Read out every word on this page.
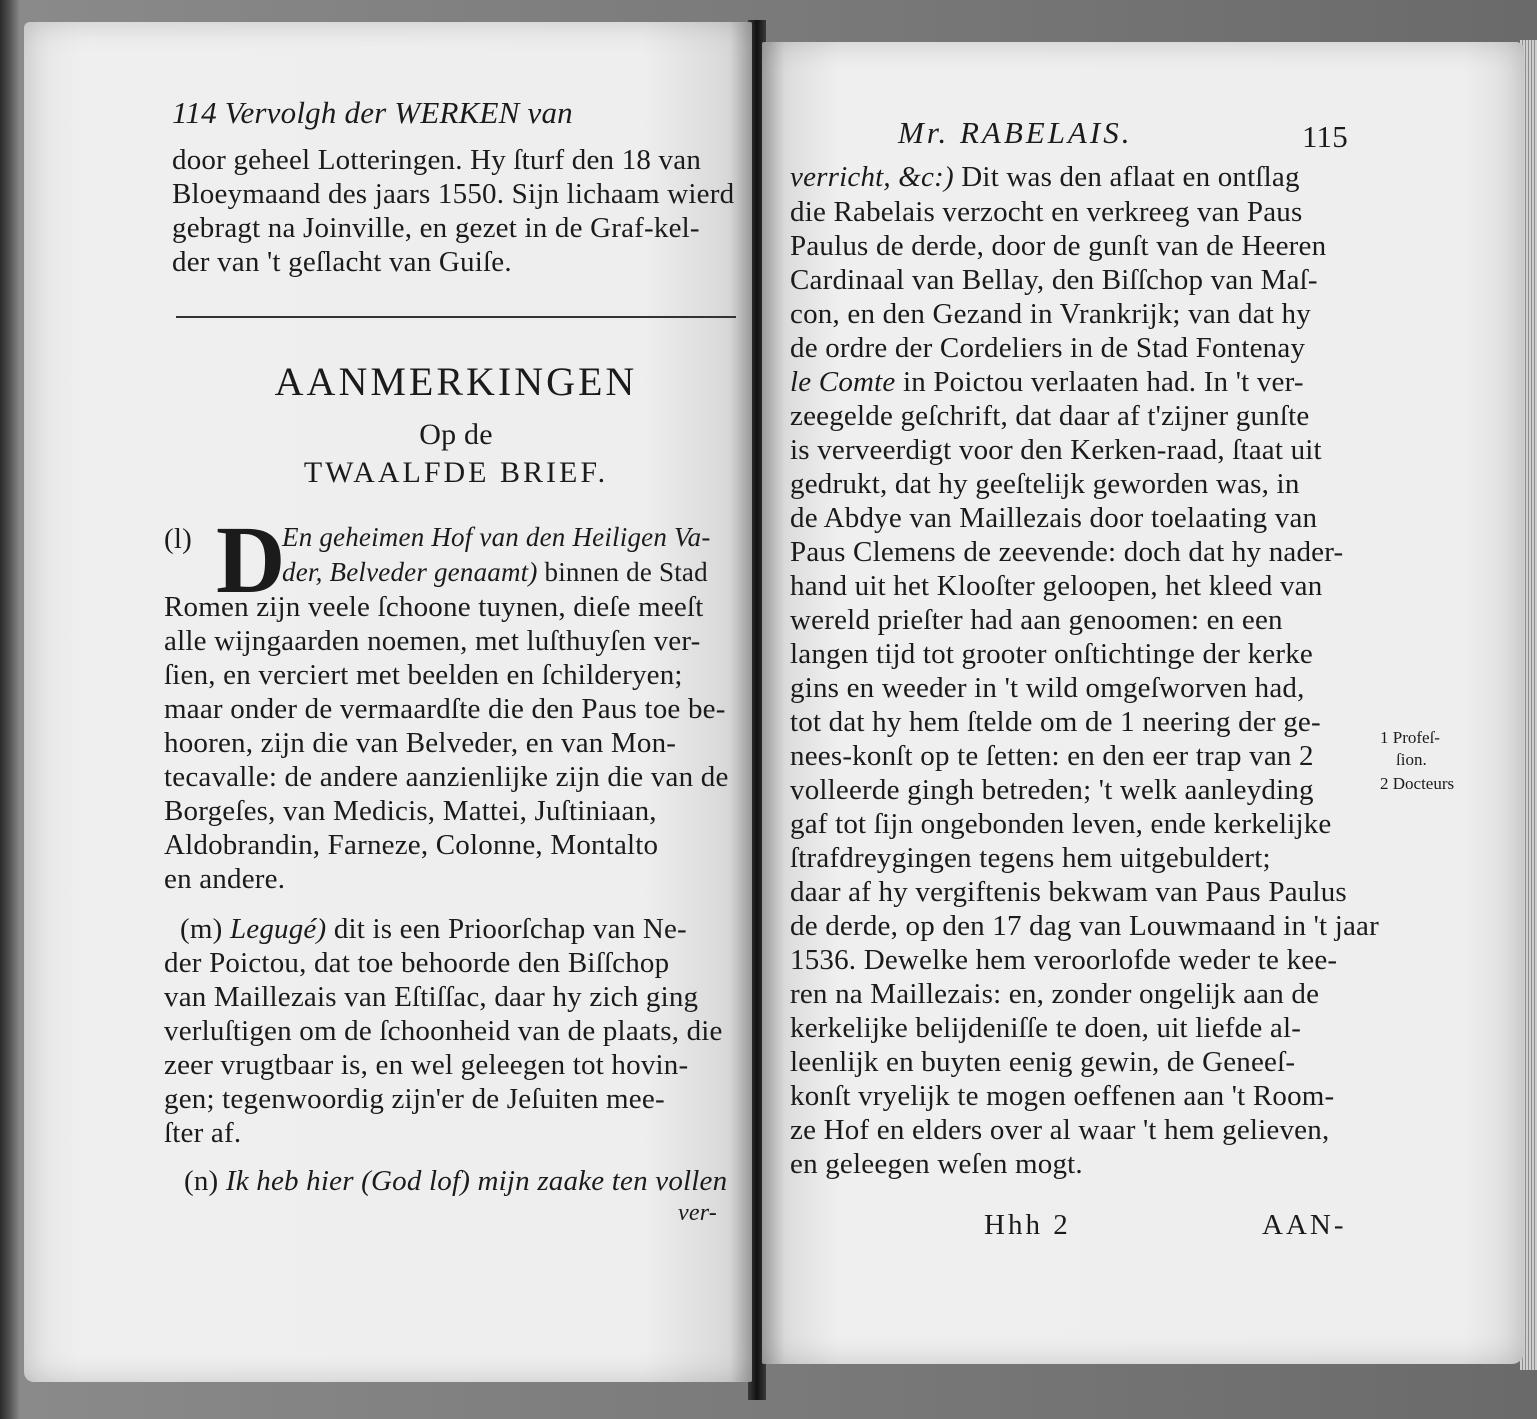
114 Vervolgh der WERKEN van
door geheel Lotteringen. Hy ſturf den 18 van
Bloeymaand des jaars 1550. Sijn lichaam wierd
gebragt na Joinville, en gezet in de Graf-kel-
der van 't geſlacht van Guiſe.
AANMERKINGEN
Op de
TWAALFDE BRIEF.
(l) D
En geheimen Hof van den Heiligen Va-
der, Belveder genaamt) binnen de Stad
Romen zijn veele ſchoone tuynen, dieſe meeſt
alle wijngaarden noemen, met luſthuyſen ver-
ſien, en verciert met beelden en ſchilderyen;
maar onder de vermaardſte die den Paus toe be-
hooren, zijn die van Belveder, en van Mon-
tecavalle: de andere aanzienlijke zijn die van de
Borgeſes, van Medicis, Mattei, Juſtiniaan,
Aldobrandin, Farneze, Colonne, Montalto
en andere.
(m) Legugé) dit is een Prioorſchap van Ne-
der Poictou, dat toe behoorde den Biſſchop
van Maillezais van Eſtiſſac, daar hy zich ging
verluſtigen om de ſchoonheid van de plaats, die
zeer vrugtbaar is, en wel geleegen tot hovin-
gen; tegenwoordig zijn'er de Jeſuiten mee-
ſter af.
(n) Ik heb hier (God lof) mijn zaake ten vollen
ver-
Mr. RABELAIS.	115
verricht, &c:) Dit was den aflaat en ontſlag
die Rabelais verzocht en verkreeg van Paus
Paulus de derde, door de gunſt van de Heeren
Cardinaal van Bellay, den Biſſchop van Maſ-
con, en den Gezand in Vrankrijk; van dat hy
de ordre der Cordeliers in de Stad Fontenay
le Comte in Poictou verlaaten had. In 't ver-
zeegelde geſchrift, dat daar af t'zijner gunſte
is verveerdigt voor den Kerken-raad, ſtaat uit
gedrukt, dat hy geeſtelijk geworden was, in
de Abdye van Maillezais door toelaating van
Paus Clemens de zeevende: doch dat hy nader-
hand uit het Klooſter geloopen, het kleed van
wereld prieſter had aan genoomen: en een
langen tijd tot grooter onſtichtinge der kerke
gins en weeder in 't wild omgeſworven had,
tot dat hy hem ſtelde om de 1 neering der ge-
nees-konſt op te ſetten: en den eer trap van 2
volleerde gingh betreden; 't welk aanleyding
gaf tot ſijn ongebonden leven, ende kerkelijke
ſtrafdreygingen tegens hem uitgebuldert;
daar af hy vergiftenis bekwam van Paus Paulus
de derde, op den 17 dag van Louwmaand in 't jaar
1536. Dewelke hem veroorlofde weder te kee-
ren na Maillezais: en, zonder ongelijk aan de
kerkelijke belijdeniſſe te doen, uit liefde al-
leenlijk en buyten eenig gewin, de Geneeſ-
konſt vryelijk te mogen oeffenen aan 't Room-
ze Hof en elders over al waar 't hem gelieven,
en geleegen weſen mogt.
Hhh 2	AAN-
1 Profeſ-
ſion.
2 Docteurs
